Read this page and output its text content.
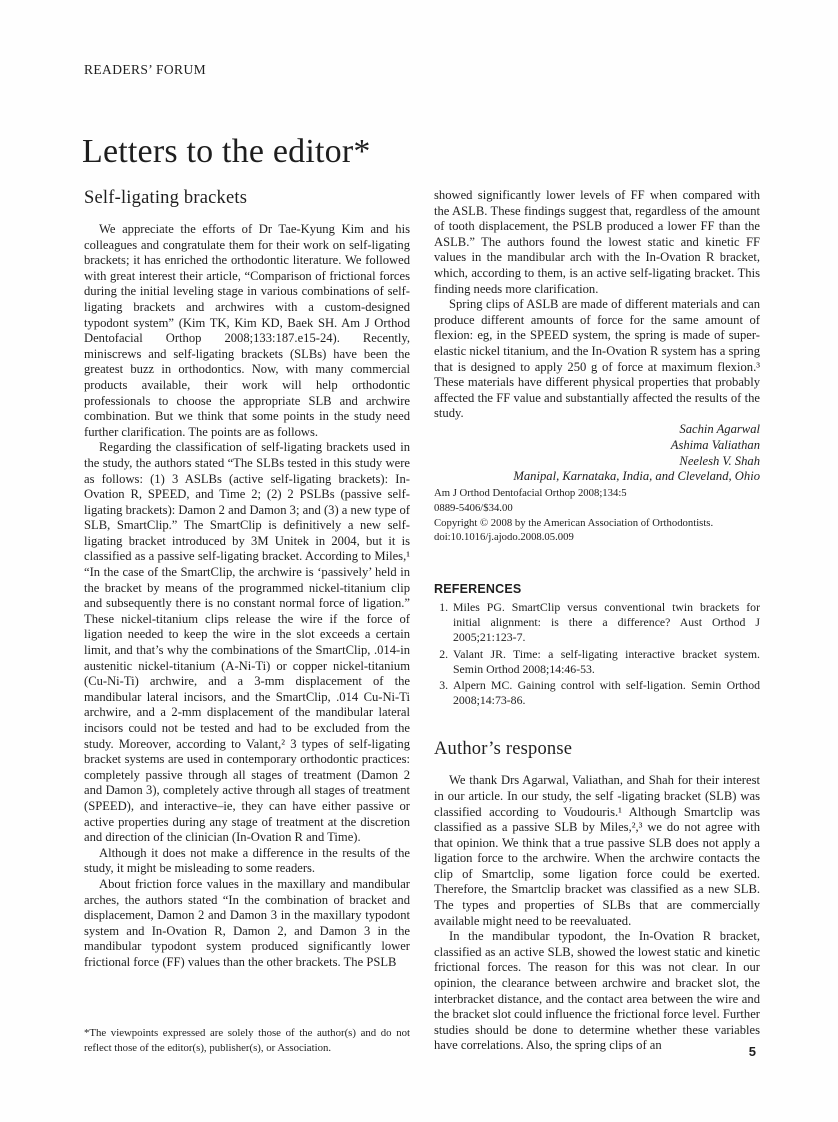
READERS’ FORUM
Letters to the editor*
Self-ligating brackets

We appreciate the efforts of Dr Tae-Kyung Kim and his colleagues and congratulate them for their work on self-ligating brackets; it has enriched the orthodontic literature. We followed with great interest their article, “Comparison of frictional forces during the initial leveling stage in various combinations of self-ligating brackets and archwires with a custom-designed typodont system” (Kim TK, Kim KD, Baek SH. Am J Orthod Dentofacial Orthop 2008;133:187.e15-24). Recently, miniscrews and self-ligating brackets (SLBs) have been the greatest buzz in orthodontics. Now, with many commercial products available, their work will help orthodontic professionals to choose the appropriate SLB and archwire combination. But we think that some points in the study need further clarification. The points are as follows.

Regarding the classification of self-ligating brackets used in the study, the authors stated “The SLBs tested in this study were as follows: (1) 3 ASLBs (active self-ligating brackets): In-Ovation R, SPEED, and Time 2; (2) 2 PSLBs (passive self-ligating brackets): Damon 2 and Damon 3; and (3) a new type of SLB, SmartClip.” The SmartClip is definitively a new self-ligating bracket introduced by 3M Unitek in 2004, but it is classified as a passive self-ligating bracket. According to Miles,¹ “In the case of the SmartClip, the archwire is ‘passively’ held in the bracket by means of the programmed nickel-titanium clip and subsequently there is no constant normal force of ligation.” These nickel-titanium clips release the wire if the force of ligation needed to keep the wire in the slot exceeds a certain limit, and that’s why the combinations of the SmartClip, .014-in austenitic nickel-titanium (A-Ni-Ti) or copper nickel-titanium (Cu-Ni-Ti) archwire, and a 3-mm displacement of the mandibular lateral incisors, and the SmartClip, .014 Cu-Ni-Ti archwire, and a 2-mm displacement of the mandibular lateral incisors could not be tested and had to be excluded from the study. Moreover, according to Valant,² 3 types of self-ligating bracket systems are used in contemporary orthodontic practices: completely passive through all stages of treatment (Damon 2 and Damon 3), completely active through all stages of treatment (SPEED), and interactive–ie, they can have either passive or active properties during any stage of treatment at the discretion and direction of the clinician (In-Ovation R and Time).

Although it does not make a difference in the results of the study, it might be misleading to some readers.

About friction force values in the maxillary and mandibular arches, the authors stated “In the combination of bracket and displacement, Damon 2 and Damon 3 in the maxillary typodont system and In-Ovation R, Damon 2, and Damon 3 in the mandibular typodont system produced significantly lower frictional force (FF) values than the other brackets. The PSLB

showed significantly lower levels of FF when compared with the ASLB. These findings suggest that, regardless of the amount of tooth displacement, the PSLB produced a lower FF than the ASLB.” The authors found the lowest static and kinetic FF values in the mandibular arch with the In-Ovation R bracket, which, according to them, is an active self-ligating bracket. This finding needs more clarification.

Spring clips of ASLB are made of different materials and can produce different amounts of force for the same amount of flexion: eg, in the SPEED system, the spring is made of super-elastic nickel titanium, and the In-Ovation R system has a spring that is designed to apply 250 g of force at maximum flexion.³ These materials have different physical properties that probably affected the FF value and substantially affected the results of the study.

Sachin Agarwal
Ashima Valiathan
Neelesh V. Shah
Manipal, Karnataka, India, and Cleveland, Ohio
Am J Orthod Dentofacial Orthop 2008;134:5
0889-5406/$34.00
Copyright © 2008 by the American Association of Orthodontists.
doi:10.1016/j.ajodo.2008.05.009
REFERENCES
1. Miles PG. SmartClip versus conventional twin brackets for initial alignment: is there a difference? Aust Orthod J 2005;21:123-7.
2. Valant JR. Time: a self-ligating interactive bracket system. Semin Orthod 2008;14:46-53.
3. Alpern MC. Gaining control with self-ligation. Semin Orthod 2008;14:73-86.
Author’s response

We thank Drs Agarwal, Valiathan, and Shah for their interest in our article. In our study, the self -ligating bracket (SLB) was classified according to Voudouris.¹ Although Smartclip was classified as a passive SLB by Miles,²,³ we do not agree with that opinion. We think that a true passive SLB does not apply a ligation force to the archwire. When the archwire contacts the clip of Smartclip, some ligation force could be exerted. Therefore, the Smartclip bracket was classified as a new SLB. The types and properties of SLBs that are commercially available might need to be reevaluated.

In the mandibular typodont, the In-Ovation R bracket, classified as an active SLB, showed the lowest static and kinetic frictional forces. The reason for this was not clear. In our opinion, the clearance between archwire and bracket slot, the interbracket distance, and the contact area between the wire and the bracket slot could influence the frictional force level. Further studies should be done to determine whether these variables have correlations. Also, the spring clips of an

*The viewpoints expressed are solely those of the author(s) and do not reflect those of the editor(s), publisher(s), or Association.	5
